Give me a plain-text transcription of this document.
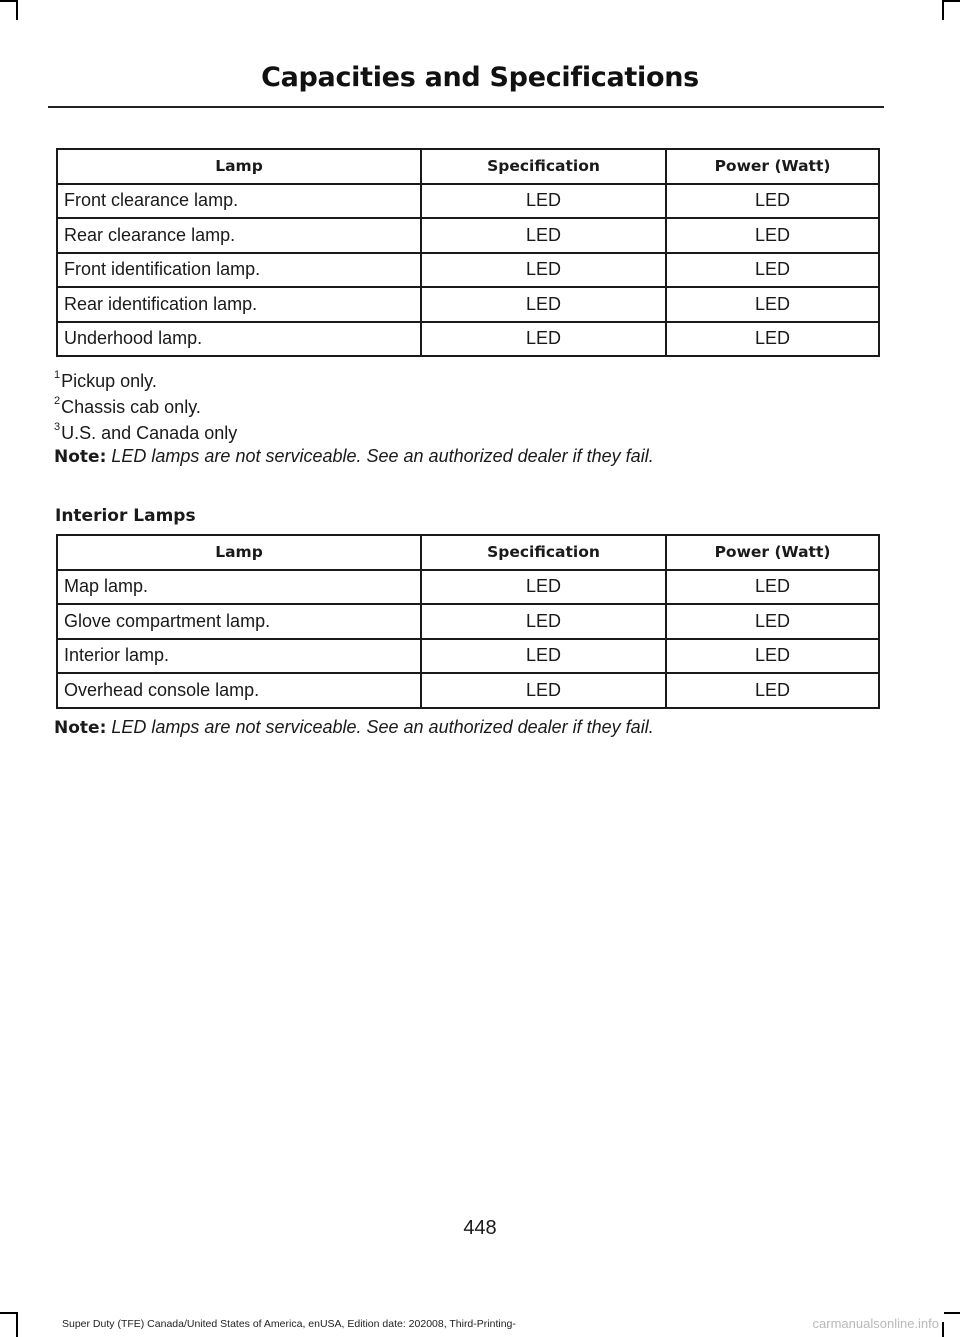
Capacities and Specifications
Lamp	Specification	Power (Watt)
Front clearance lamp.	LED	LED
Rear clearance lamp.	LED	LED
Front identification lamp.	LED	LED
Rear identification lamp.	LED	LED
Underhood lamp.	LED	LED
$^1$Pickup only.
$^2$Chassis cab only.
$^3$U.S. and Canada only
Note: LED lamps are not serviceable. See an authorized dealer if they fail.
Interior Lamps
Lamp	Specification	Power (Watt)
Map lamp.	LED	LED
Glove compartment lamp.	LED	LED
Interior lamp.	LED	LED
Overhead console lamp.	LED	LED
Note: LED lamps are not serviceable. See an authorized dealer if they fail.
448
Super Duty (TFE) Canada/United States of America, enUSA, Edition date: 202008, Third-Printing-	carmanualsonline.info
